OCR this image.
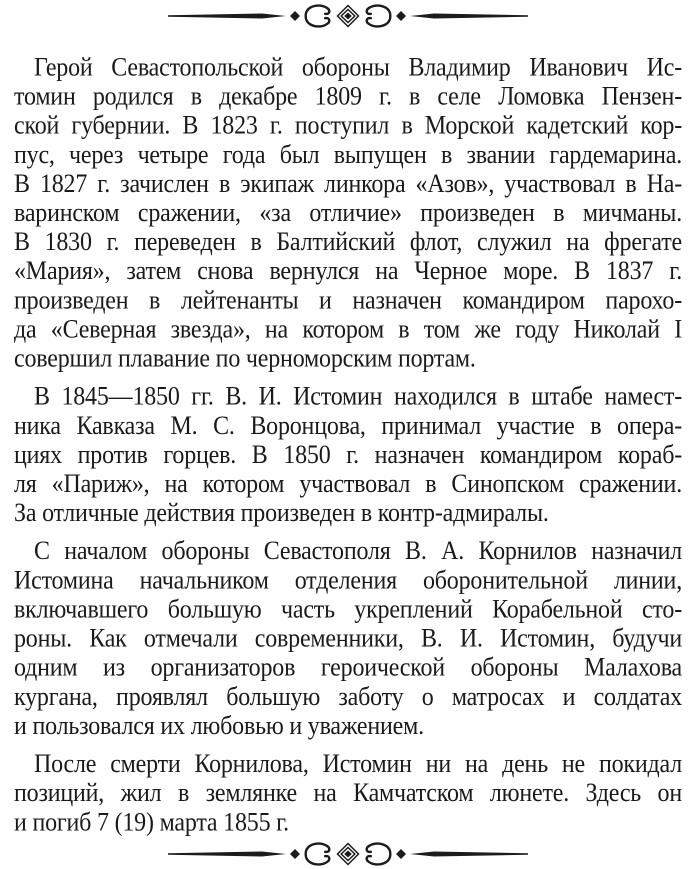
Герой Севастопольской обороны Владимир Иванович Ис-
томин родился в декабре 1809 г. в селе Ломовка Пензен-
ской губернии. В 1823 г. поступил в Морской кадетский кор-
пус, через четыре года был выпущен в звании гардемарина.
В 1827 г. зачислен в экипаж линкора «Азов», участвовал в На-
варинском сражении, «за отличие» произведен в мичманы.
В 1830 г. переведен в Балтийский флот, служил на фрегате
«Мария», затем снова вернулся на Черное море. В 1837 г.
произведен в лейтенанты и назначен командиром парохо-
да «Северная звезда», на котором в том же году Николай I
совершил плавание по черноморским портам.
В 1845—1850 гг. В. И. Истомин находился в штабе намест-
ника Кавказа М. С. Воронцова, принимал участие в опера-
циях против горцев. В 1850 г. назначен командиром кораб-
ля «Париж», на котором участвовал в Синопском сражении.
За отличные действия произведен в контр-адмиралы.
С началом обороны Севастополя В. А. Корнилов назначил
Истомина начальником отделения оборонительной линии,
включавшего большую часть укреплений Корабельной сто-
роны. Как отмечали современники, В. И. Истомин, будучи
одним из организаторов героической обороны Малахова
кургана, проявлял большую заботу о матросах и солдатах
и пользовался их любовью и уважением.
После смерти Корнилова, Истомин ни на день не покидал
позиций, жил в землянке на Камчатском люнете. Здесь он
и погиб 7 (19) марта 1855 г.
